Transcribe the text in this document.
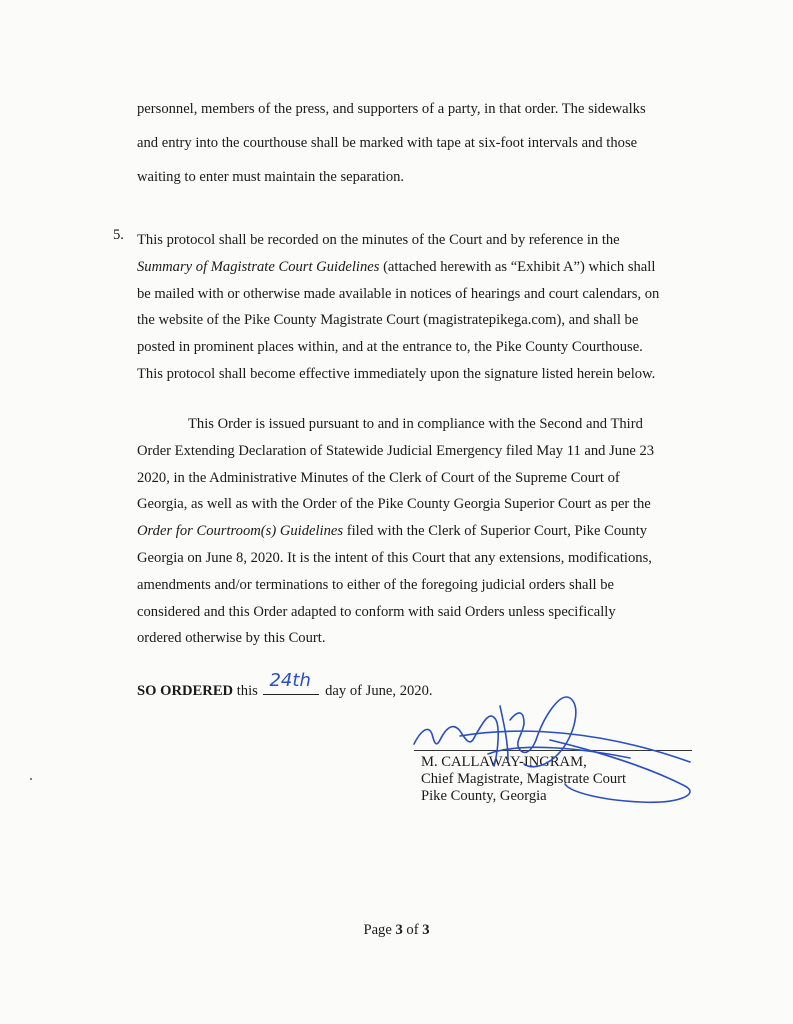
personnel, members of the press, and supporters of a party, in that order. The sidewalks
and entry into the courthouse shall be marked with tape at six-foot intervals and those
waiting to enter must maintain the separation.
5. This protocol shall be recorded on the minutes of the Court and by reference in the
Summary of Magistrate Court Guidelines (attached herewith as “Exhibit A”) which shall
be mailed with or otherwise made available in notices of hearings and court calendars, on
the website of the Pike County Magistrate Court (magistratepikega.com), and shall be
posted in prominent places within, and at the entrance to, the Pike County Courthouse.
This protocol shall become effective immediately upon the signature listed herein below.
This Order is issued pursuant to and in compliance with the Second and Third
Order Extending Declaration of Statewide Judicial Emergency filed May 11 and June 23
2020, in the Administrative Minutes of the Clerk of Court of the Supreme Court of
Georgia, as well as with the Order of the Pike County Georgia Superior Court as per the
Order for Courtroom(s) Guidelines filed with the Clerk of Superior Court, Pike County
Georgia on June 8, 2020. It is the intent of this Court that any extensions, modifications,
amendments and/or terminations to either of the foregoing judicial orders shall be
considered and this Order adapted to conform with said Orders unless specifically
ordered otherwise by this Court.
SO ORDERED this 24th day of June, 2020.
M. CALLAWAY-INGRAM,
Chief Magistrate, Magistrate Court
Pike County, Georgia
Page 3 of 3
